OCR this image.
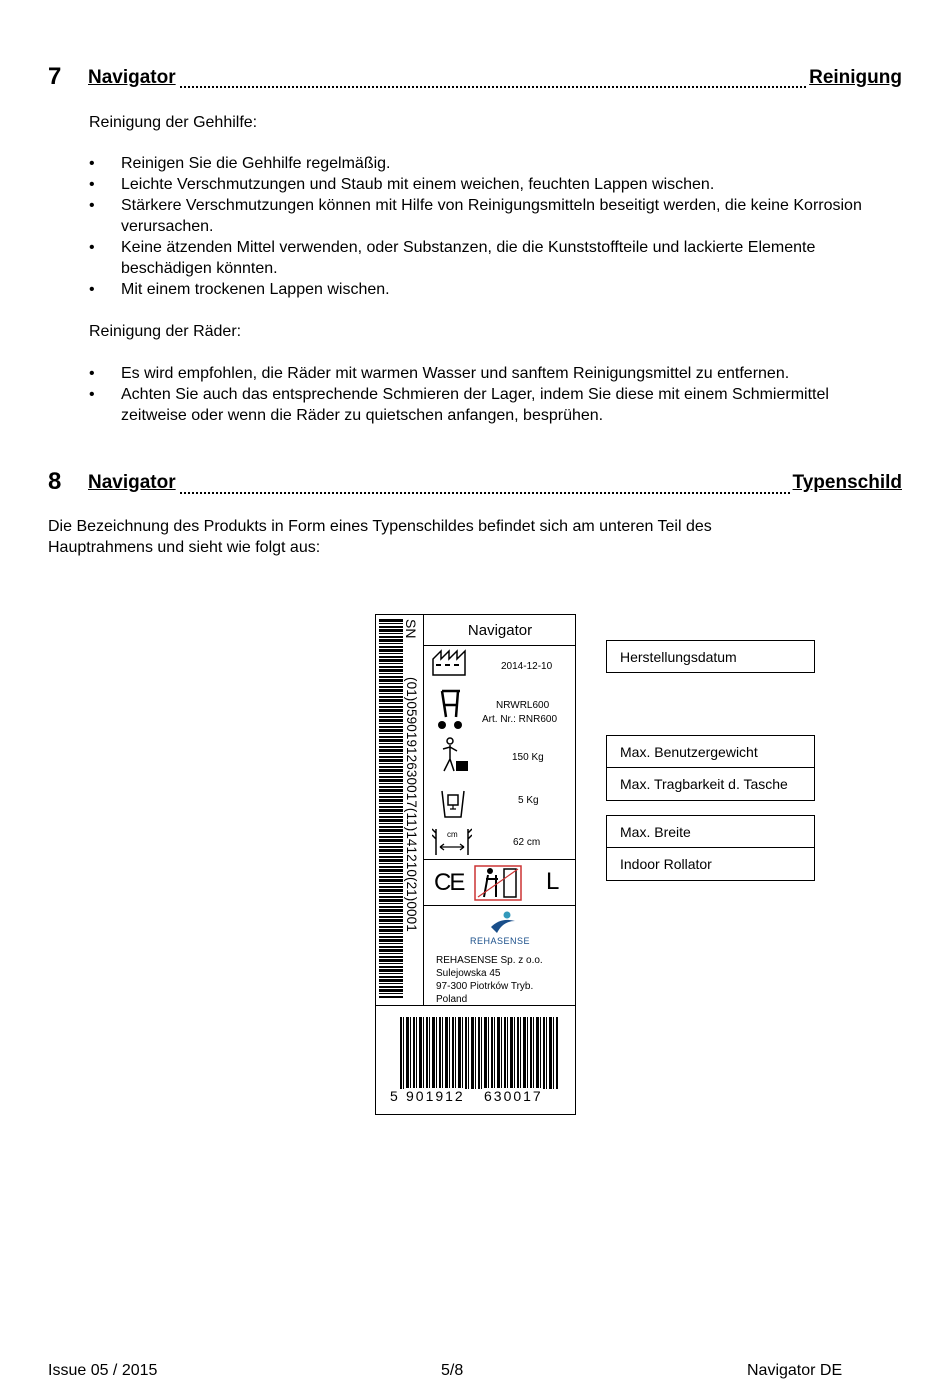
7 Navigator	Reinigung
Reinigung der Gehhilfe:
• Reinigen Sie die Gehhilfe regelmäßig.
• Leichte Verschmutzungen und Staub mit einem weichen, feuchten Lappen wischen.
• Stärkere Verschmutzungen können mit Hilfe von Reinigungsmitteln beseitigt werden, die keine Korrosion verursachen.
• Keine ätzenden Mittel verwenden, oder Substanzen, die die Kunststoffteile und lackierte Elemente beschädigen könnten.
• Mit einem trockenen Lappen wischen.
Reinigung der Räder:
• Es wird empfohlen, die Räder mit warmen Wasser und sanftem Reinigungsmittel zu entfernen.
• Achten Sie auch das entsprechende Schmieren der Lager, indem Sie diese mit einem Schmiermittel zeitweise oder wenn die Räder zu quietschen anfangen, besprühen.
8 Navigator	Typenschild
Die Bezeichnung des Produkts in Form eines Typenschildes befindet sich am unteren Teil des Hauptrahmens und sieht wie folgt aus:
SN
(01)05901912630017(11)141210(21)0001
Navigator
2014-12-10
NRWRL600
Art. Nr.: RNR600
150 Kg
5 Kg
cm
62 cm
CE	L
REHASENSE
REHASENSE Sp. z o.o.
Sulejowska 45
97-300 Piotrków Tryb.
Poland
5 901912 630017
Herstellungsdatum
Max. Benutzergewicht
Max. Tragbarkeit d. Tasche
Max. Breite
Indoor Rollator
Issue 05 / 2015	5/8	Navigator DE
